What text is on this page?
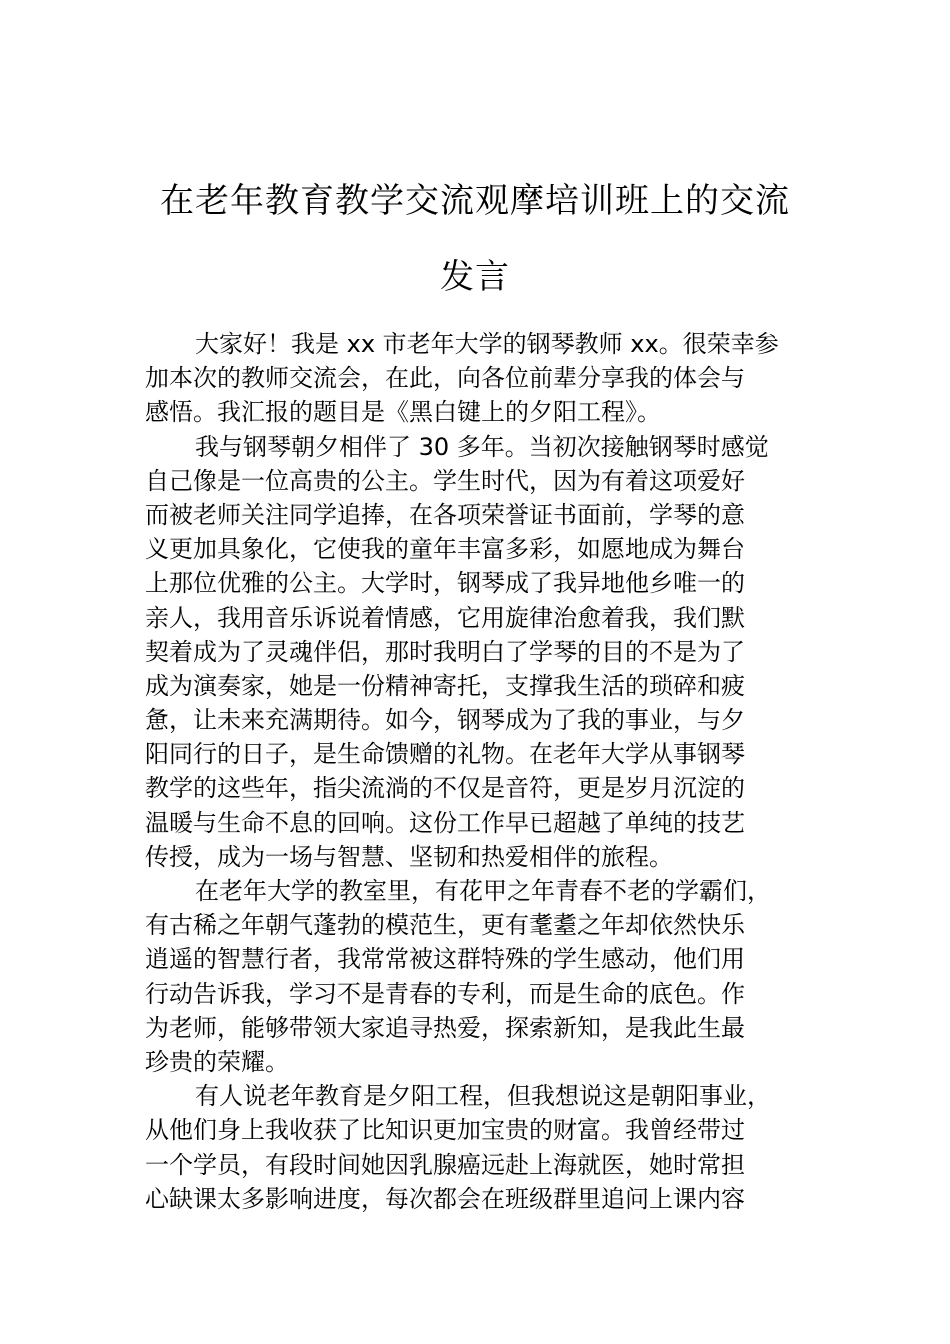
在老年教育教学交流观摩培训班上的交流
发言
大家好！我是 xx 市老年大学的钢琴教师 xx。很荣幸参
加本次的教师交流会，在此，向各位前辈分享我的体会与
感悟。我汇报的题目是《黑白键上的夕阳工程》。
我与钢琴朝夕相伴了 30 多年。当初次接触钢琴时感觉
自己像是一位高贵的公主。学生时代，因为有着这项爱好
而被老师关注同学追捧，在各项荣誉证书面前，学琴的意
义更加具象化，它使我的童年丰富多彩，如愿地成为舞台
上那位优雅的公主。大学时，钢琴成了我异地他乡唯一的
亲人，我用音乐诉说着情感，它用旋律治愈着我，我们默
契着成为了灵魂伴侣，那时我明白了学琴的目的不是为了
成为演奏家，她是一份精神寄托，支撑我生活的琐碎和疲
惫，让未来充满期待。如今，钢琴成为了我的事业，与夕
阳同行的日子，是生命馈赠的礼物。在老年大学从事钢琴
教学的这些年，指尖流淌的不仅是音符，更是岁月沉淀的
温暖与生命不息的回响。这份工作早已超越了单纯的技艺
传授，成为一场与智慧、坚韧和热爱相伴的旅程。
在老年大学的教室里，有花甲之年青春不老的学霸们，
有古稀之年朝气蓬勃的模范生，更有耄耋之年却依然快乐
逍遥的智慧行者，我常常被这群特殊的学生感动，他们用
行动告诉我，学习不是青春的专利，而是生命的底色。作
为老师，能够带领大家追寻热爱，探索新知，是我此生最
珍贵的荣耀。
有人说老年教育是夕阳工程，但我想说这是朝阳事业，
从他们身上我收获了比知识更加宝贵的财富。我曾经带过
一个学员，有段时间她因乳腺癌远赴上海就医，她时常担
心缺课太多影响进度，每次都会在班级群里追问上课内容
